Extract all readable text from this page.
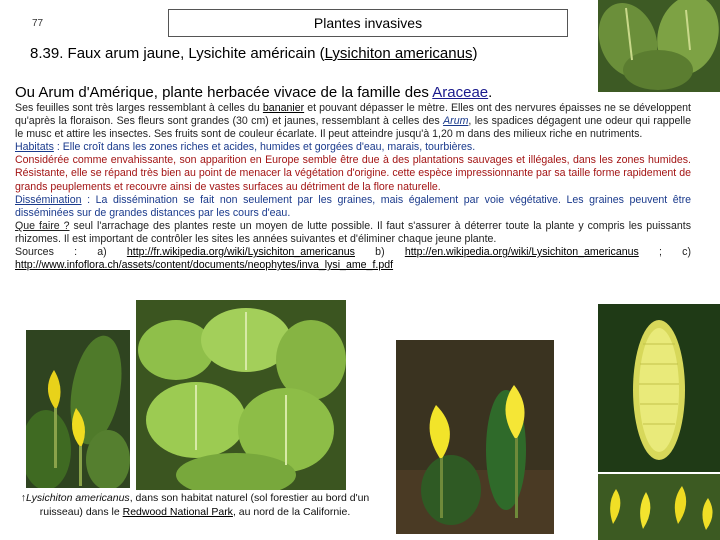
77	Plantes invasives
8.39. Faux arum jaune, Lysichite américain (Lysichiton americanus)
Ou Arum d'Amérique, plante herbacée vivace de la famille des Araceae.

Ses feuilles sont très larges ressemblant à celles du bananier et pouvant dépasser le mètre. Elles ont des nervures épaisses ne se développent qu'après la floraison. Ses fleurs sont grandes (30 cm) et jaunes, ressemblant à celles des Arum, les spadices dégagent une odeur qui rappelle le musc et attire les insectes. Ses fruits sont de couleur écarlate. Il peut atteindre jusqu'à 1,20 m dans des milieux riche en nutriments.

Habitats : Elle croît dans les zones riches et acides, humides et gorgées d'eau, marais, tourbières.

Considérée comme envahissante, son apparition en Europe semble être due à des plantations sauvages et illégales, dans les zones humides. Résistante, elle se répand très bien au point de menacer la végétation d'origine. cette espèce impressionnante par sa taille forme rapidement de grands peuplements et recouvre ainsi de vastes surfaces au détriment de la flore naturelle.

Dissémination : La dissémination se fait non seulement par les graines, mais également par voie végétative. Les graines peuvent être disséminées sur de grandes distances par les cours d'eau.

Que faire ? seul l'arrachage des plantes reste un moyen de lutte possible. Il faut s'assurer à déterrer toute la plante y compris les puissants rhizomes. Il est important de contrôler les sites les années suivantes et d'éliminer chaque jeune plante.

Sources : a) http://fr.wikipedia.org/wiki/Lysichiton_americanus b) http://en.wikipedia.org/wiki/Lysichiton_americanus ; c) http://www.infoflora.ch/assets/content/documents/neophytes/inva_lysi_ame_f.pdf

↑Lysichiton americanus, dans son habitat naturel (sol forestier au bord d'un ruisseau) dans le Redwood National Park, au nord de la Californie.
